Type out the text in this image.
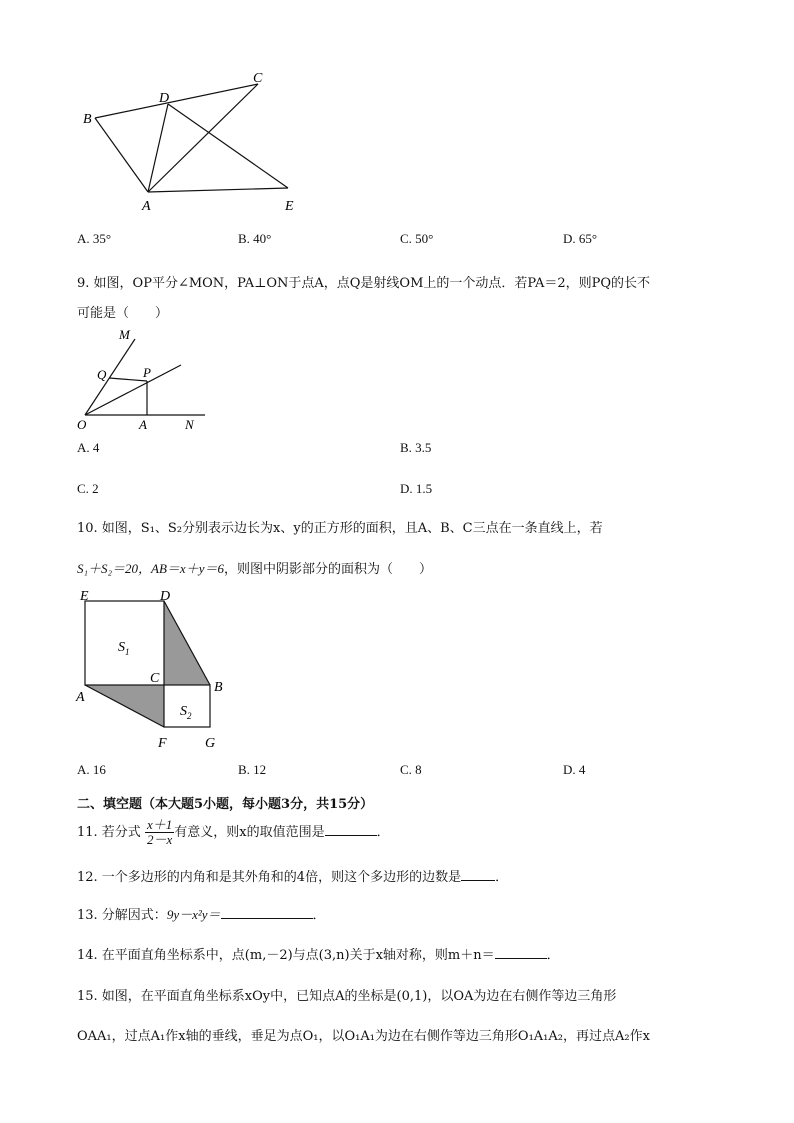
B
D
C
A	E
A. 35°	B. 40°	C. 50°	D. 65°
9. 如图，OP平分∠MON，PA⊥ON于点A，点Q是射线OM上的一个动点．若PA＝2，则PQ的长不
可能是（　　）
M
Q	P
O	A	N
A. 4	B. 3.5
C. 2	D. 1.5
10. 如图，S₁、S₂分别表示边长为x、y的正方形的面积，且A、B、C三点在一条直线上，若
S₁＋S₂＝20，AB＝x＋y＝6，则图中阴影部分的面积为（　　）
E	D
$S_1$
C
B
A
$S_2$
F	G
A. 16	B. 12	C. 8	D. 4
二、填空题（本大题5小题，每小题3分，共15分）
11. 若分式 $\frac{x+1}{2-x}$ 有意义，则x的取值范围是	．
12. 一个多边形的内角和是其外角和的4倍，则这个多边形的边数是	．
13. 分解因式：9y－x²y＝	．
14. 在平面直角坐标系中，点(m,－2)与点(3,n)关于x轴对称，则m＋n＝	．
15. 如图，在平面直角坐标系xOy中，已知点A的坐标是(0,1)，以OA为边在右侧作等边三角形
OAA₁，过点A₁作x轴的垂线，垂足为点O₁，以O₁A₁为边在右侧作等边三角形O₁A₁A₂，再过点A₂作x
